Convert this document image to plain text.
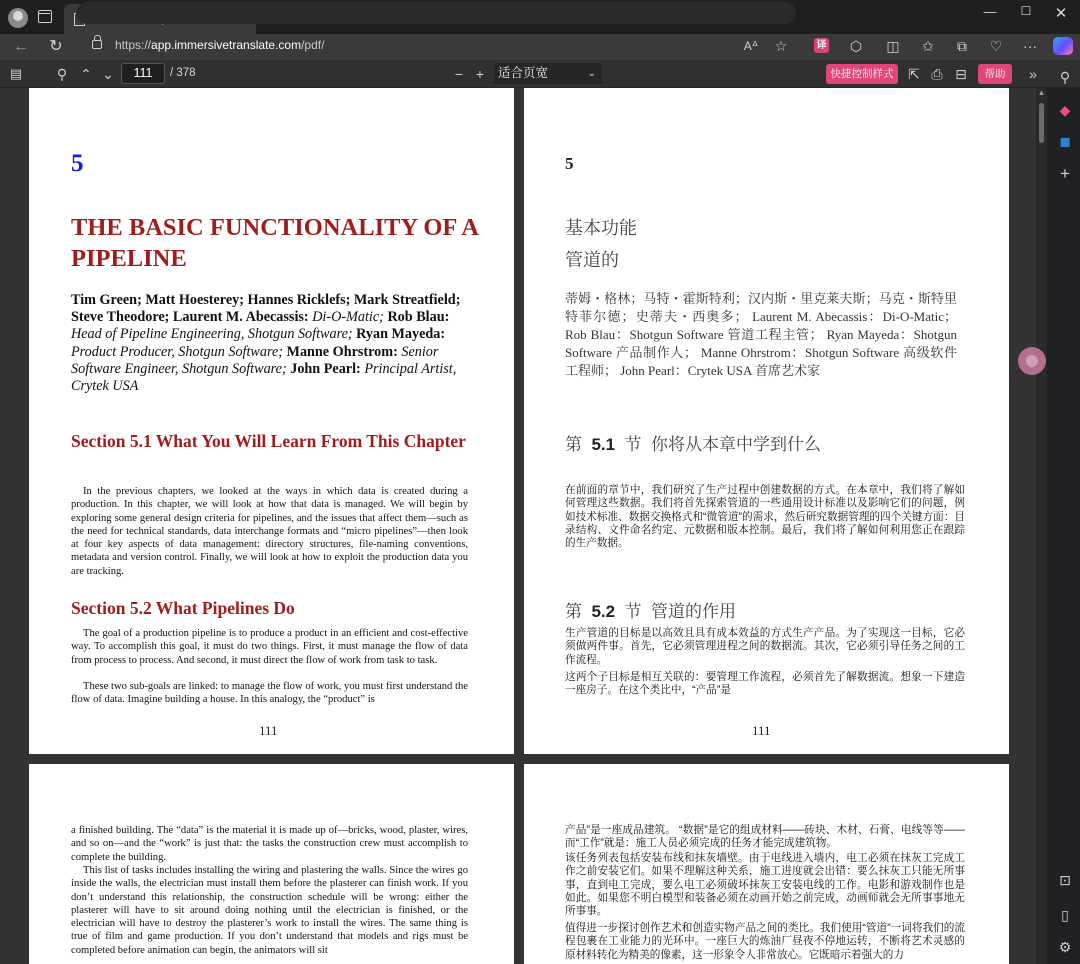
—	☐	✕
← ↻	https://app.immersivetranslate.com/pdf/	Aᐞ ☆	译 ⬡ ◫ ✩	⧉	♡ ···
▤ ⚲ ⌃ ⌄	111	/ 378	− +	适合页宽	⌄	快捷控制样式	⇱ ⎙ ⊟	帮助	»	⚲
◆
◼
+
⊡
▯
⚙
▲
5
THE BASIC FUNCTIONALITY OF A PIPELINE
Tim Green; Matt Hoesterey; Hannes Ricklefs; Mark Streatfield; Steve Theodore; Laurent M. Abecassis: Di-O-Matic; Rob Blau: Head of Pipeline Engineering, Shotgun Software; Ryan Mayeda: Product Producer, Shotgun Software; Manne Ohrstrom: Senior Software Engineer, Shotgun Software; John Pearl: Principal Artist, Crytek USA
Section 5.1 What You Will Learn From This Chapter
In the previous chapters, we looked at the ways in which data is created during a production. In this chapter, we will look at how that data is managed. We will begin by exploring some general design criteria for pipelines, and the issues that affect them—such as the need for technical standards, data interchange formats and “micro pipelines”—then look at four key aspects of data management: directory structures, file-naming conventions, metadata and version control. Finally, we will look at how to exploit the production data you are tracking.
Section 5.2 What Pipelines Do
The goal of a production pipeline is to produce a product in an efficient and cost-effective way. To accomplish this goal, it must do two things. First, it must manage the flow of data from process to process. And second, it must direct the flow of work from task to task.
These two sub-goals are linked: to manage the flow of work, you must first understand the flow of data. Imagine building a house. In this analogy, the “product” is
111
5
基本功能
管道的
蒂姆・格林；马特・霍斯特利；汉内斯・里克莱夫斯；马克・斯特里特菲尔德；史蒂夫・西奥多； Laurent M. Abecassis：Di-O-Matic； Rob Blau：Shotgun Software 管道工程主管； Ryan Mayeda：Shotgun Software 产品制作人； Manne Ohrstrom：Shotgun Software 高级软件工程师； John Pearl：Crytek USA 首席艺术家
第 5.1 节 你将从本章中学到什么
在前面的章节中，我们研究了生产过程中创建数据的方式。在本章中，我们将了解如何管理这些数据。我们将首先探索管道的一些通用设计标准以及影响它们的问题，例如技术标准、数据交换格式和“微管道”的需求，然后研究数据管理的四个关键方面：目录结构、文件命名约定、元数据和版本控制。最后，我们将了解如何利用您正在跟踪的生产数据。
第 5.2 节 管道的作用
生产管道的目标是以高效且具有成本效益的方式生产产品。为了实现这一目标，它必须做两件事。首先，它必须管理进程之间的数据流。其次，它必须引导任务之间的工作流程。
这两个子目标是相互关联的：要管理工作流程，必须首先了解数据流。想象一下建造一座房子。在这个类比中，“产品”是
111
a finished building. The “data” is the material it is made up of—bricks, wood, plaster, wires, and so on—and the “work” is just that: the tasks the construction crew must accomplish to complete the building.
This list of tasks includes installing the wiring and plastering the walls. Since the wires go inside the walls, the electrician must install them before the plasterer can finish work. If you don’t understand this relationship, the construction schedule will be wrong: either the plasterer will have to sit around doing nothing until the electrician is finished, or the electrician will have to destroy the plasterer’s work to install the wires. The same thing is true of film and game production. If you don’t understand that models and rigs must be completed before animation can begin, the animators will sit
产品”是一座成品建筑。 “数据”是它的组成材料——砖块、木材、石膏、电线等等——而“工作”就是：施工人员必须完成的任务才能完成建筑物。
该任务列表包括安装布线和抹灰墙壁。由于电线进入墙内，电工必须在抹灰工完成工作之前安装它们。如果不理解这种关系，施工进度就会出错：要么抹灰工只能无所事事，直到电工完成，要么电工必须破坏抹灰工安装电线的工作。电影和游戏制作也是如此。如果您不明白模型和装备必须在动画开始之前完成，动画师就会无所事事地无所事事。
值得进一步探讨创作艺术和创造实物产品之间的类比。我们使用“管道”一词将我们的流程包裹在工业能力的光环中。一座巨大的炼油厂昼夜不停地运转，不断将艺术灵感的原材料转化为精美的像素，这一形象令人非常放心。它既暗示着强大的力
